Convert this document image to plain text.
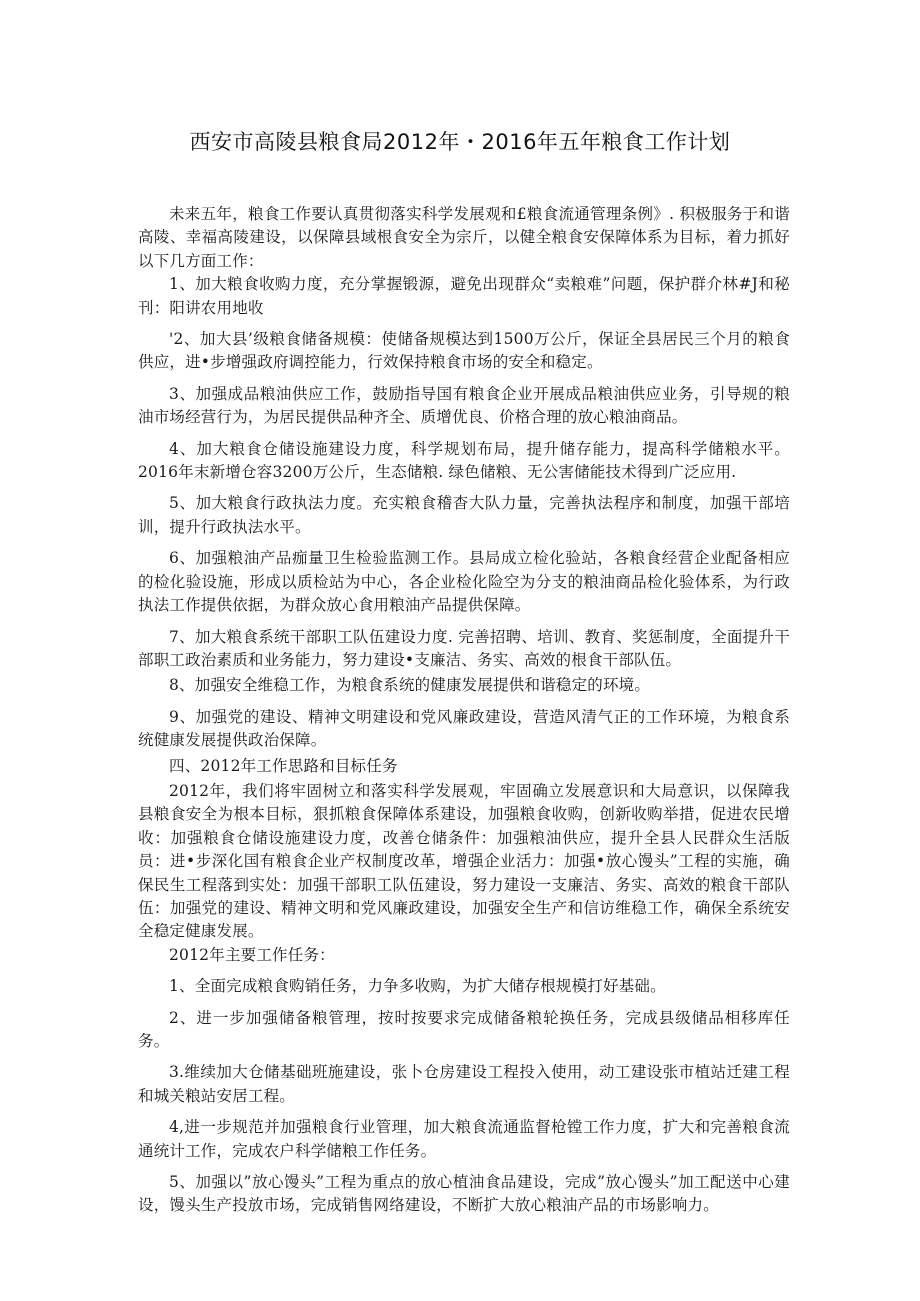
西安市高陵县粮食局2012年・2016年五年粮食工作计划

未来五年，粮食工作要认真贯彻落实科学发展观和£粮食流通管理条例》. 积极服务于和谐高陵、幸福高陵建设，以保障县域根食安全为宗斤，以健全粮食安保障体系为目标，着力抓好以下几方面工作：

1、加大粮食收购力度，充分掌握锻源，避免出现群众“卖粮难”问题，保护群介林#J和秘刊：阳讲农用地收

'2、加大县’级粮食储备规模：使储备规模达到1500万公斤，保证全县居民三个月的粮食供应，进•步增强政府调控能力，行效保持粮食市场的安全和稳定。

3、加强成品粮油供应工作，鼓励指导国有粮食企业开展成品粮油供应业务，引导规的粮油市场经营行为，为居民提供品种齐全、质增优良、价格合理的放心粮油商品。

4、加大粮食仓储设施建设力度，科学规划布局，提升储存能力，提高科学储粮水平。2016年末新增仓容3200万公斤，生态储粮. 绿色储粮、无公害储能技术得到广泛应用.

5、加大粮食行政执法力度。充实粮食稽杳大队力量，完善执法程序和制度，加强干部培训，提升行政执法水平。

6、加强粮油产品痂量卫生检验监测工作。县局成立检化验站，各粮食经营企业配备相应的检化验设施，形成以质检站为中心，各企业检化险空为分支的粮油商品检化验体系，为行政执法工作提供依据，为群众放心食用粮油产品提供保障。

7、加大粮食系统干部职工队伍建设力度. 完善招聘、培训、教育、奖惩制度，全面提升干部职工政治素质和业务能力，努力建设•支廉洁、务实、高效的根食干部队伍。

8、加强安全维稳工作，为粮食系统的健康发展提供和谐稳定的环境。

9、加强党的建设、精神文明建设和党风廉政建设，营造风清气正的工作环境，为粮食系统健康发展提供政治保障。

四、2012年工作思路和目标任务

2012年，我们将牢固树立和落实科学发展观，牢固确立发展意识和大局意识，以保障我县粮食安全为根本目标，狠抓粮食保障体系建设，加强粮食收购，创新收购举措，促进农民增收：加强粮食仓储设施建设力度，改善仓储条件：加强粮油供应，提升全县人民群众生活版员：进•步深化国有粮食企业产权制度改革，增强企业活力：加强•放心馒头”工程的实施，确保民生工程落到实处：加强干部职工队伍建设，努力建设一支廉洁、务实、高效的粮食干部队伍：加强党的建设、精神文明和党风廉政建设，加强安全生产和信访维稳工作，确保全系统安全稳定健康发展。

2012年主要工作任务：

1、全面完成粮食购销任务，力争多收购，为扩大储存根规模打好基础。

2、进一步加强储备粮管理，按时按要求完成储备粮轮换任务，完成县级储品相移库任务。

3.维续加大仓储基础班施建设，张卜仓房建设工程投入使用，动工建设张市植站迁建工程和城关粮站安居工程。

4,进一步规范并加强粮食行业管理，加大粮食流通监督枪镗工作力度，扩大和完善粮食流通统计工作，完成农户科学储粮工作任务。

5、加强以”放心馒头”工程为重点的放心植油食品建设，完成”放心馒头”加工配送中心建设，馒头生产投放市场，完成销售网络建设，不断扩大放心粮油产品的市场影响力。
